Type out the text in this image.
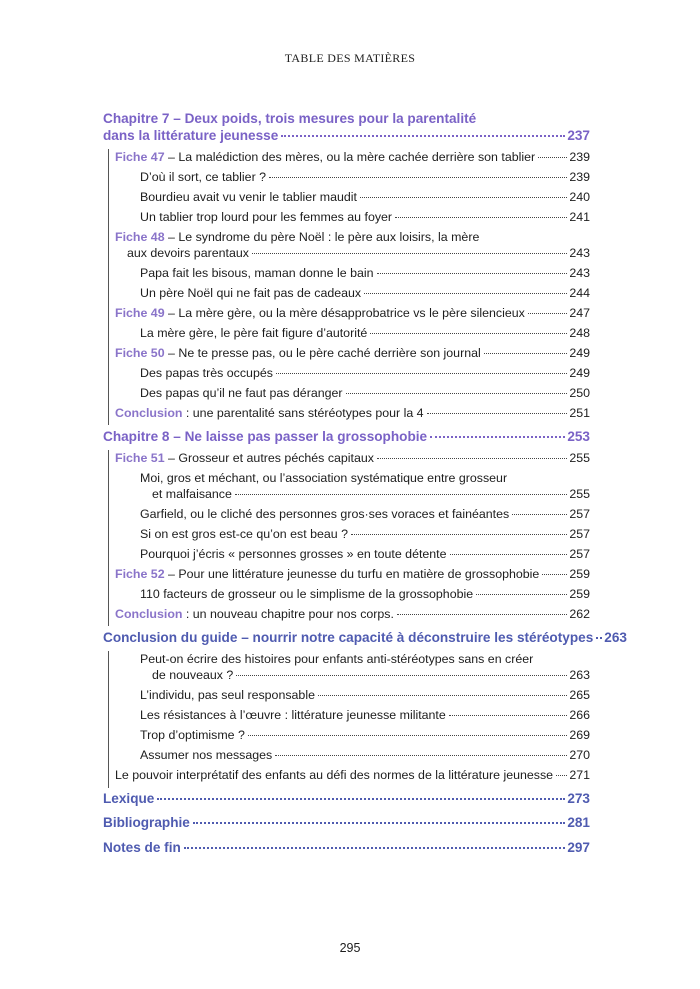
TABLE DES MATIÈRES
Chapitre 7 – Deux poids, trois mesures pour la parentalité
dans la littérature jeunesse	237
Fiche 47 – La malédiction des mères, ou la mère cachée derrière son tablier	239
D’où il sort, ce tablier ?	239
Bourdieu avait vu venir le tablier maudit	240
Un tablier trop lourd pour les femmes au foyer	241
Fiche 48 – Le syndrome du père Noël : le père aux loisirs, la mère
aux devoirs parentaux	243
Papa fait les bisous, maman donne le bain	243
Un père Noël qui ne fait pas de cadeaux	244
Fiche 49 – La mère gère, ou la mère désapprobatrice vs le père silencieux	247
La mère gère, le père fait figure d’autorité	248
Fiche 50 – Ne te presse pas, ou le père caché derrière son journal	249
Des papas très occupés	249
Des papas qu’il ne faut pas déranger	250
Conclusion : une parentalité sans stéréotypes pour la 4	251
Chapitre 8 – Ne laisse pas passer la grossophobie	253
Fiche 51 – Grosseur et autres péchés capitaux	255
Moi, gros et méchant, ou l’association systématique entre grosseur
et malfaisance	255
Garfield, ou le cliché des personnes gros·ses voraces et fainéantes	257
Si on est gros est-ce qu’on est beau ?	257
Pourquoi j’écris « personnes grosses » en toute détente	257
Fiche 52 – Pour une littérature jeunesse du turfu en matière de grossophobie 259
110 facteurs de grosseur ou le simplisme de la grossophobie	259
Conclusion : un nouveau chapitre pour nos corps.	262
Conclusion du guide – nourrir notre capacité à déconstruire les stéréotypes 263
Peut-on écrire des histoires pour enfants anti-stéréotypes sans en créer
de nouveaux ?	263
L’individu, pas seul responsable	265
Les résistances à l’œuvre : littérature jeunesse militante	266
Trop d’optimisme ?	269
Assumer nos messages	270
Le pouvoir interprétatif des enfants au défi des normes de la littérature jeunesse 271
Lexique	273
Bibliographie	281
Notes de fin	297
295
